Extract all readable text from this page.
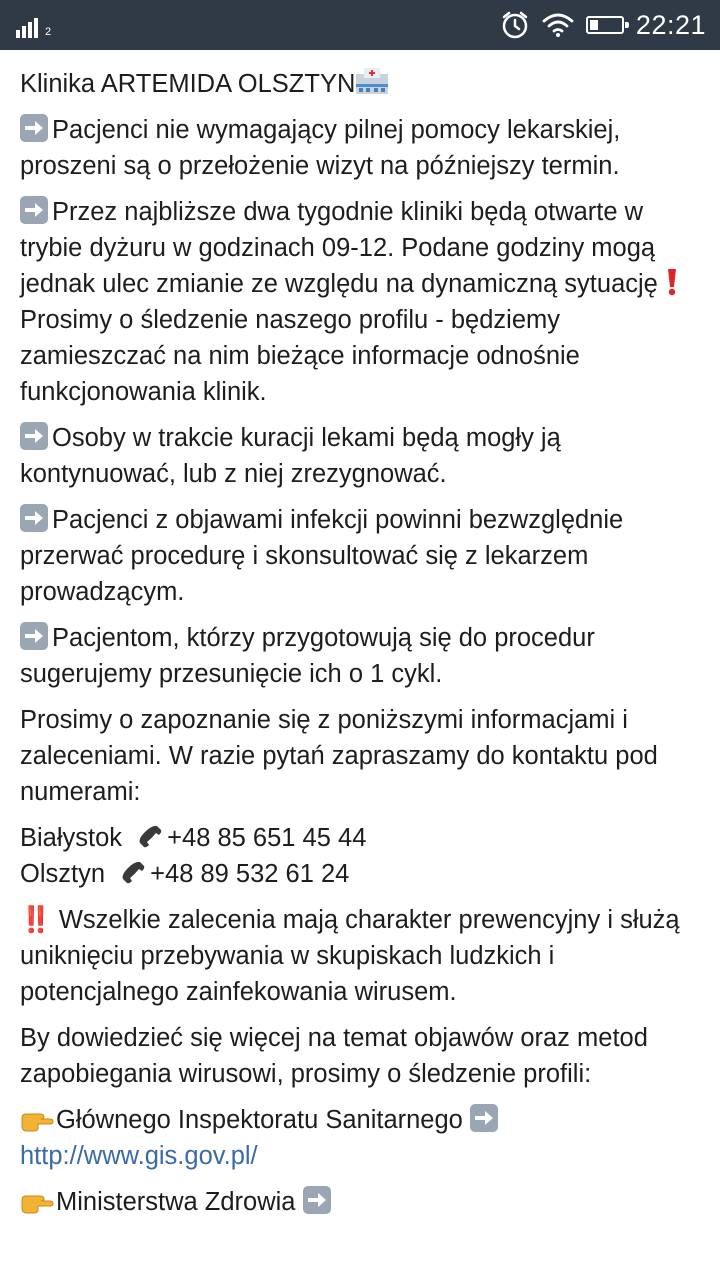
2	22:21

Klinika ARTEMIDA OLSZTYN

Pacjenci nie wymagający pilnej pomocy lekarskiej, proszeni są o przełożenie wizyt na późniejszy termin.

Przez najbliższe dwa tygodnie kliniki będą otwarte w trybie dyżuru w godzinach 09-12. Podane godziny mogą jednak ulec zmianie ze względu na dynamiczną sytuację  Prosimy o śledzenie naszego profilu - będziemy zamieszczać na nim bieżące informacje odnośnie funkcjonowania klinik.

Osoby w trakcie kuracji lekami będą mogły ją kontynuować, lub z niej zrezygnować.

Pacjenci z objawami infekcji powinni bezwzględnie przerwać procedurę i skonsultować się z lekarzem prowadzącym.

Pacjentom, którzy przygotowują się do procedur sugerujemy przesunięcie ich o 1 cykl.

Prosimy o zapoznanie się z poniższymi informacjami i zaleceniami. W razie pytań zapraszamy do kontaktu pod numerami:

Białystok +48 85 651 45 44
Olsztyn +48 89 532 61 24

‼️ Wszelkie zalecenia mają charakter prewencyjny i służą uniknięciu przebywania w skupiskach ludzkich i potencjalnego zainfekowania wirusem.

By dowiedzieć się więcej na temat objawów oraz metod zapobiegania wirusowi, prosimy o śledzenie profili:

Głównego Inspektoratu Sanitarnego

http://www.gis.gov.pl/

Ministerstwa Zdrowia
